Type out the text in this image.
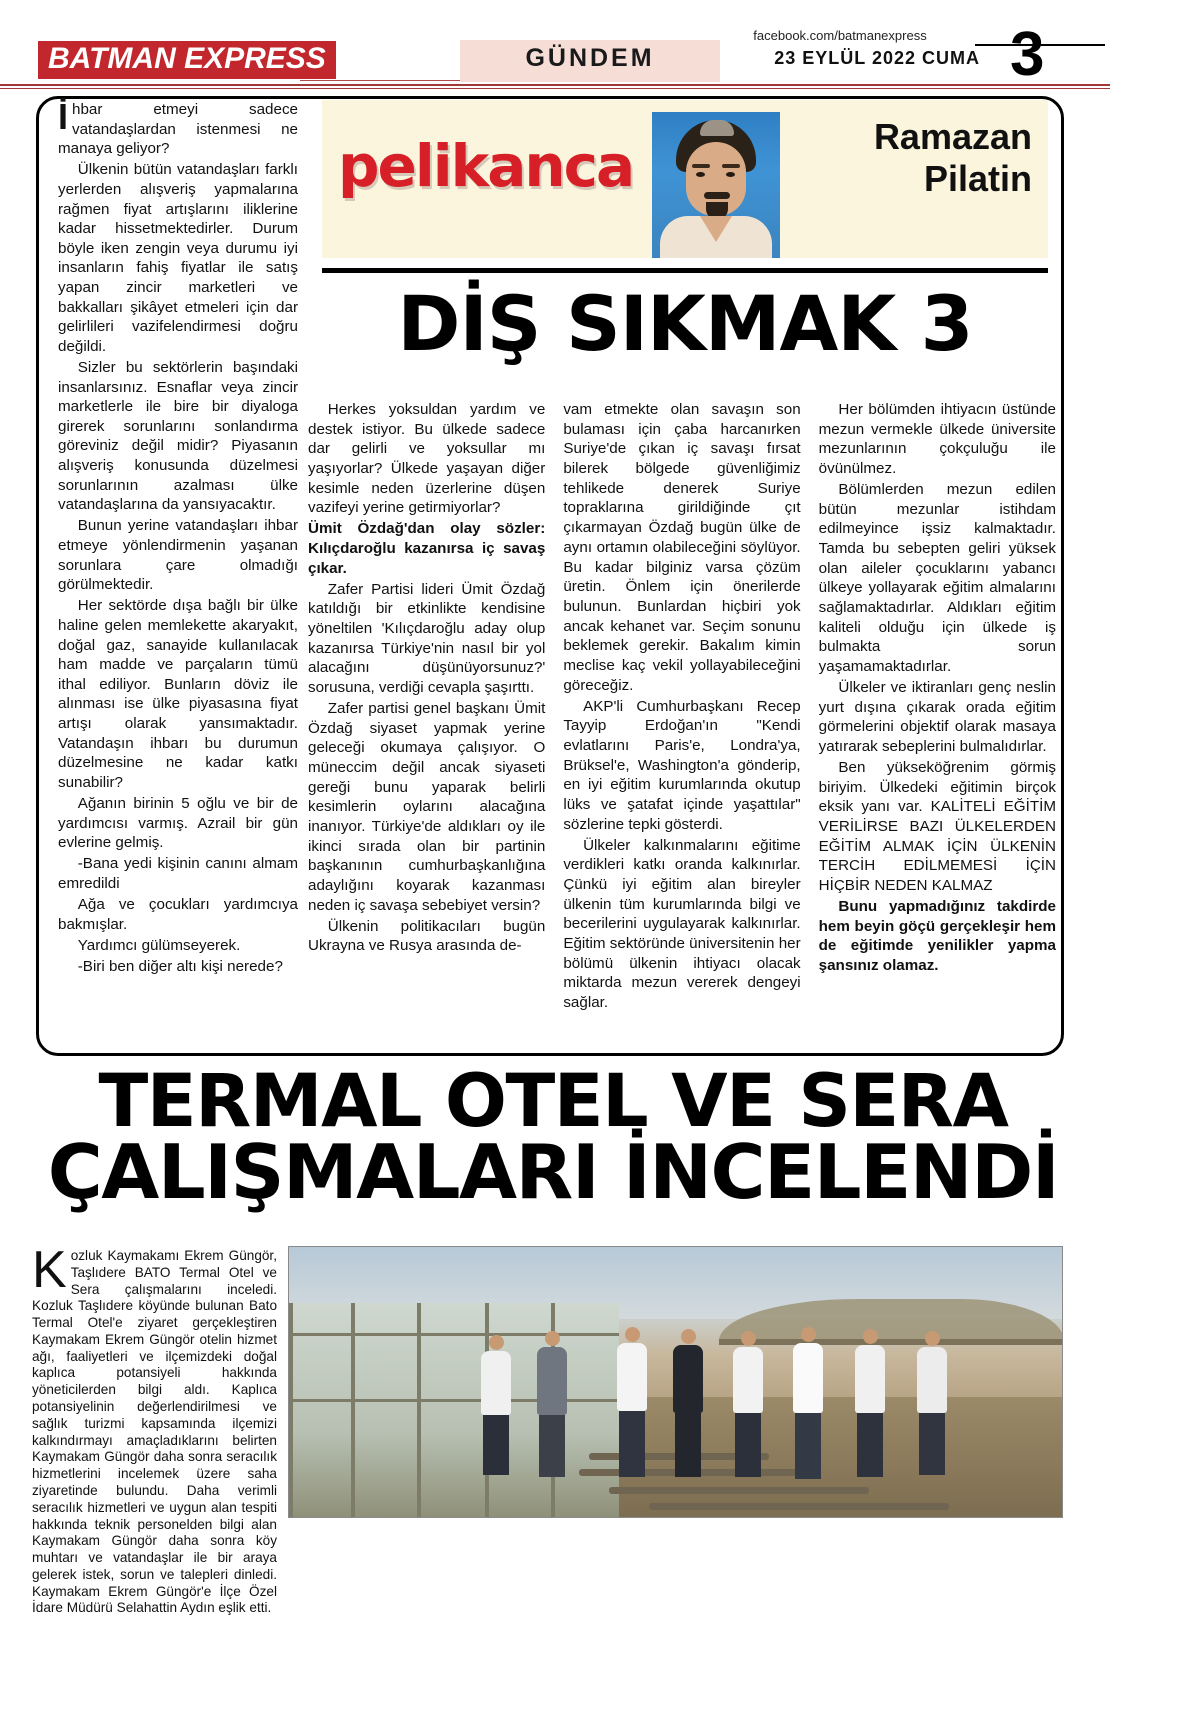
BATMAN EXPRESS	GÜNDEM
facebook.com/batmanexpress
23 EYLÜL 2022 CUMA 3

İhbar etmeyi sadece vatandaşlardan istenmesi ne manaya geliyor?

Ülkenin bütün vatandaşları farklı yerlerden alışveriş yapmalarına rağmen fiyat artışlarını iliklerine kadar hissetmektedirler. Durum böyle iken zengin veya durumu iyi insanların fahiş fiyatlar ile satış yapan zincir marketleri ve bakkalları şikâyet etmeleri için dar gelirlileri vazifelendirmesi doğru değildi.

Sizler bu sektörlerin başındaki insanlarsınız. Esnaflar veya zincir marketlerle ile bire bir diyaloga girerek sorunlarını sonlandırma göreviniz değil midir? Piyasanın alışveriş konusunda düzelmesi sorunlarının azalması ülke vatandaşlarına da yansıyacaktır.

Bunun yerine vatandaşları ihbar etmeye yönlendirmenin yaşanan sorunlara çare olmadığı görülmektedir.

Her sektörde dışa bağlı bir ülke haline gelen memlekette akaryakıt, doğal gaz, sanayide kullanılacak ham madde ve parçaların tümü ithal ediliyor. Bunların döviz ile alınması ise ülke piyasasına fiyat artışı olarak yansımaktadır. Vatandaşın ihbarı bu durumun düzelmesine ne kadar katkı sunabilir?

Ağanın birinin 5 oğlu ve bir de yardımcısı varmış. Azrail bir gün evlerine gelmiş.

-Bana yedi kişinin canını almam emredildi

Ağa ve çocukları yardımcıya bakmışlar.

Yardımcı gülümseyerek.

-Biri ben diğer altı kişi nerede?

pelikanca	Ramazan
Pilatin
DİŞ SIKMAK 3

Herkes yoksuldan yardım ve destek istiyor. Bu ülkede sadece dar gelirli ve yoksullar mı yaşıyorlar? Ülkede yaşayan diğer kesimle neden üzerlerine düşen vazifeyi yerine getirmiyorlar?

Ümit Özdağ'dan olay sözler: Kılıçdaroğlu kazanırsa iç savaş çıkar.

Zafer Partisi lideri Ümit Özdağ katıldığı bir etkinlikte kendisine yöneltilen 'Kılıçdaroğlu aday olup kazanırsa Türkiye'nin nasıl bir yol alacağını düşünüyorsunuz?' sorusuna, verdiği cevapla şaşırttı.

Zafer partisi genel başkanı Ümit Özdağ siyaset yapmak yerine geleceği okumaya çalışıyor. O müneccim değil ancak siyaseti gereği bunu yaparak belirli kesimlerin oylarını alacağına inanıyor. Türkiye'de aldıkları oy ile ikinci sırada olan bir partinin başkanının cumhurbaşkanlığına adaylığını koyarak kazanması neden iç savaşa sebebiyet versin?

Ülkenin politikacıları bugün Ukrayna ve Rusya arasında de-

vam etmekte olan savaşın son bulaması için çaba harcanırken Suriye'de çıkan iç savaşı fırsat bilerek bölgede güvenliğimiz tehlikede denerek Suriye topraklarına girildiğinde çıt çıkarmayan Özdağ bugün ülke de aynı ortamın olabileceğini söylüyor. Bu kadar bilginiz varsa çözüm üretin. Önlem için önerilerde bulunun. Bunlardan hiçbiri yok ancak kehanet var. Seçim sonunu beklemek gerekir. Bakalım kimin meclise kaç vekil yollayabileceğini göreceğiz.

AKP'li Cumhurbaşkanı Recep Tayyip Erdoğan'ın "Kendi evlatlarını Paris'e, Londra'ya, Brüksel'e, Washington'a gönderip, en iyi eğitim kurumlarında okutup lüks ve şatafat içinde yaşattılar" sözlerine tepki gösterdi.

Ülkeler kalkınmalarını eğitime verdikleri katkı oranda kalkınırlar. Çünkü iyi eğitim alan bireyler ülkenin tüm kurumlarında bilgi ve becerilerini uygulayarak kalkınırlar. Eğitim sektöründe üniversitenin her bölümü ülkenin ihtiyacı olacak miktarda mezun vererek dengeyi sağlar.

Her bölümden ihtiyacın üstünde mezun vermekle ülkede üniversite mezunlarının çokçuluğu ile övünülmez.

Bölümlerden mezun edilen bütün mezunlar istihdam edilmeyince işsiz kalmaktadır. Tamda bu sebepten geliri yüksek olan aileler çocuklarını yabancı ülkeye yollayarak eğitim almalarını sağlamaktadırlar. Aldıkları eğitim kaliteli olduğu için ülkede iş bulmakta sorun yaşamamaktadırlar.

Ülkeler ve iktiranları genç neslin yurt dışına çıkarak orada eğitim görmelerini objektif olarak masaya yatırarak sebeplerini bulmalıdırlar.

Ben yükseköğrenim görmiş biriyim. Ülkedeki eğitimin birçok eksik yanı var. KALİTELİ EĞİTİM VERİLİRSE BAZI ÜLKELERDEN EĞİTİM ALMAK İÇİN ÜLKENİN TERCİH EDİLMEMESİ İÇİN HİÇBİR NEDEN KALMAZ

Bunu yapmadığınız takdirde hem beyin göçü gerçekleşir hem de eğitimde yenilikler yapma şansınız olamaz.

TERMAL OTEL VE SERA
ÇALIŞMALARI İNCELENDİ

Kozluk Kaymakamı Ekrem Güngör, Taşlıdere BATO Termal Otel ve Sera çalışmalarını inceledi. Kozluk Taşlıdere köyünde bulunan Bato Termal Otel'e ziyaret gerçekleştiren Kaymakam Ekrem Güngör otelin hizmet ağı, faaliyetleri ve ilçemizdeki doğal kaplıca potansiyeli hakkında yöneticilerden bilgi aldı. Kaplıca potansiyelinin değerlendirilmesi ve sağlık turizmi kapsamında ilçemizi kalkındırmayı amaçladıklarını belirten Kaymakam Güngör daha sonra seracılık hizmetlerini incelemek üzere saha ziyaretinde bulundu. Daha verimli seracılık hizmetleri ve uygun alan tespiti hakkında teknik personelden bilgi alan Kaymakam Güngör daha sonra köy muhtarı ve vatandaşlar ile bir araya gelerek istek, sorun ve talepleri dinledi. Kaymakam Ekrem Güngör'e İlçe Özel İdare Müdürü Selahattin Aydın eşlik etti.
